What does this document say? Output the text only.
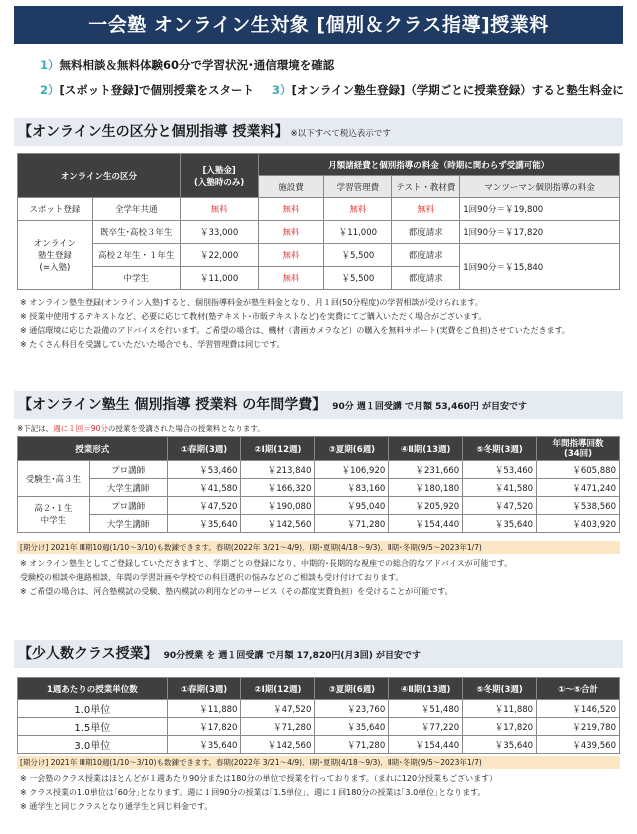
一会塾 オンライン生対象 [個別＆クラス指導]授業料
1）無料相談＆無料体験60分で学習状況･通信環境を確認
2）[スポット登録]で個別授業をスタート 3）[オンライン塾生登録]（学期ごとに授業登録）すると塾生料金に
【オンライン生の区分と個別指導 授業料】 ※以下すべて税込表示です
オンライン生の区分		[入塾金]
(入塾時のみ)	月額諸経費と個別指導の料金（時期に関わらず受講可能）			
			施設費	学習管理費	テスト・教材費	マンツーマン個別指導の料金
スポット登録	全学年共通	無料	無料	無料	無料	1回90分＝￥19,800
オンライン
塾生登録
(=入塾)	既卒生･高校３年生	￥33,000	無料	￥11,000	都度請求	1回90分＝￥17,820
	高校２年生・１年生	￥22,000	無料	￥5,500	都度請求	1回90分＝￥15,840
	中学生	￥11,000	無料	￥5,500	都度請求	
※ オンライン塾生登録(オンライン入塾)すると、個別指導料金が塾生料金となり、月１回(50分程度)の学習相談が受けられます。
※ 授業中使用するテキストなど、必要に応じて教材(塾テキスト･市販テキストなど)を実費にてご購入いただく場合がございます。
※ 通信環境に応じた設備のアドバイスを行います。ご希望の場合は、機材（書画カメラなど）の購入を無料サポート(実費をご負担)させていただきます。
※ たくさん科目を受講していただいた場合でも、学習管理費は同じです。
【オンライン塾生 個別指導 授業料 の年間学費】 90分 週１回受講 で月額 53,460円 が目安です
※下記は、週に１回＝90分の授業を受講された場合の授業料となります。
授業形式		①春期(3週)	②Ⅰ期(12週)	③夏期(6週)	④Ⅱ期(13週)	⑤冬期(3週)	年間指導回数
(34回)
受験生･高３生	プロ講師	￥53,460	￥213,840	￥106,920	￥231,660	￥53,460	￥605,880
	大学生講師	￥41,580	￥166,320	￥83,160	￥180,180	￥41,580	￥471,240
高２･１生
中学生	プロ講師	￥47,520	￥190,080	￥95,040	￥205,920	￥47,520	￥538,560
	大学生講師	￥35,640	￥142,560	￥71,280	￥154,440	￥35,640	￥403,920
[期分け] 2021年 Ⅲ期10週(1/10～3/10)も数錬できます。春期(2022年 3/21～4/9)．Ⅰ期･夏期(4/18～9/3)．Ⅱ期･冬期(9/5～2023年1/7)
※ オンライン塾生としてご登録していただきますと、学期ごとの登録になり、中期的･長期的な視座での総合的なアドバイスが可能です。
受験校の相談や進路相談、年間の学習計画や学校での科目選択の悩みなどのご相談も受け付けております。
※ ご希望の場合は、河合塾模試の受験、塾内模試の利用などのサービス（その都度実費負担）を受けることが可能です。
【少人数クラス授業】 90分授業 を 週１回受講 で月額 17,820円(月3回) が目安です
1週あたりの授業単位数	①春期(3週)	②Ⅰ期(12週)	③夏期(6週)	④Ⅱ期(13週)	⑤冬期(3週)	①～⑤合計
1.0単位	￥11,880	￥47,520	￥23,760	￥51,480	￥11,880	￥146,520
1.5単位	￥17,820	￥71,280	￥35,640	￥77,220	￥17,820	￥219,780
3.0単位	￥35,640	￥142,560	￥71,280	￥154,440	￥35,640	￥439,560
[期分け] 2021年 Ⅲ期10週(1/10～3/10)も数錬できます。春期(2022年 3/21～4/9)．Ⅰ期･夏期(4/18～9/3)．Ⅱ期･冬期(9/5～2023年1/7)
※ 一会塾のクラス授業はほとんどが１週あたり90分または180分の単位で授業を行っております。（まれに120分授業もございます）
※ クラス授業の1.0単位は｢60分｣となります。週に１回90分の授業は｢1.5単位｣、週に１回180分の授業は｢3.0単位｣となります。
※ 通学生と同じクラスとなり通学生と同じ料金です。
